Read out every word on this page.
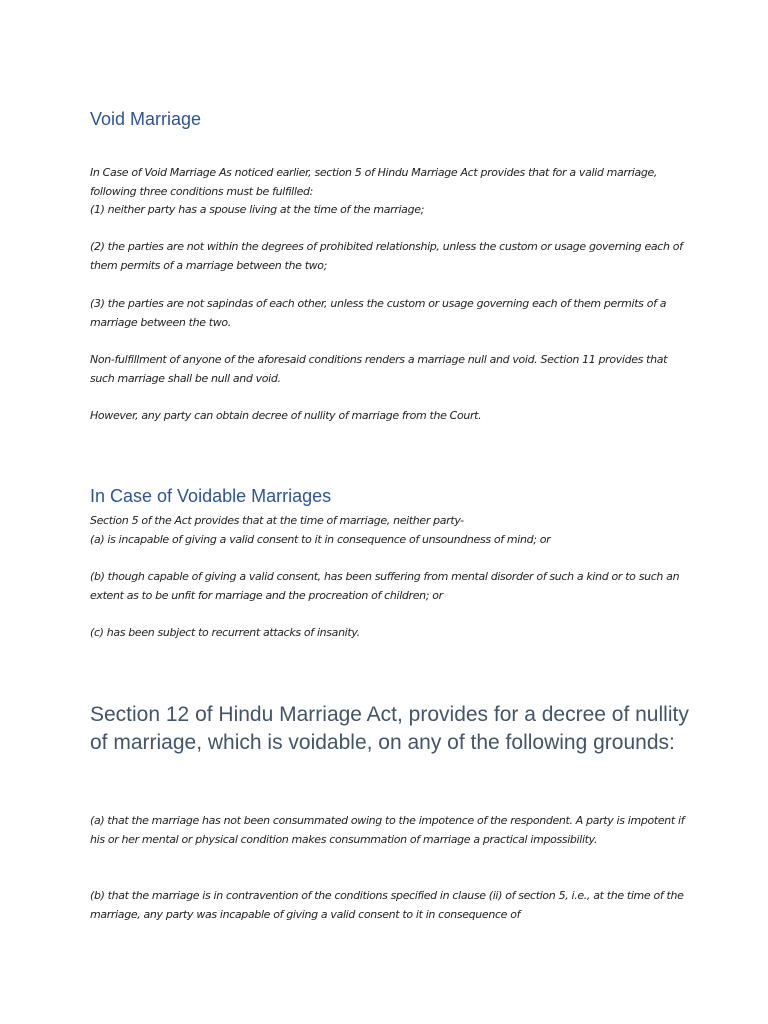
Void Marriage

In Case of Void Marriage As noticed earlier, section 5 of Hindu Marriage Act provides that for a valid marriage, following three conditions must be fulfilled:

(1) neither party has a spouse living at the time of the marriage;

(2) the parties are not within the degrees of prohibited relationship, unless the custom or usage governing each of them permits of a marriage between the two;

(3) the parties are not sapindas of each other, unless the custom or usage governing each of them permits of a marriage between the two.

Non-fulfillment of anyone of the aforesaid conditions renders a marriage null and void. Section 11 provides that such marriage shall be null and void.

However, any party can obtain decree of nullity of marriage from the Court.

In Case of Voidable Marriages

Section 5 of the Act provides that at the time of marriage, neither party-

(a) is incapable of giving a valid consent to it in consequence of unsoundness of mind; or

(b) though capable of giving a valid consent, has been suffering from mental disorder of such a kind or to such an extent as to be unfit for marriage and the procreation of children; or

(c) has been subject to recurrent attacks of insanity.

Section 12 of Hindu Marriage Act, provides for a decree of nullity of marriage, which is voidable, on any of the following grounds:

(a) that the marriage has not been consummated owing to the impotence of the respondent. A party is impotent if his or her mental or physical condition makes consummation of marriage a practical impossibility.

(b) that the marriage is in contravention of the conditions specified in clause (ii) of section 5, i.e., at the time of the marriage, any party was incapable of giving a valid consent to it in consequence of
